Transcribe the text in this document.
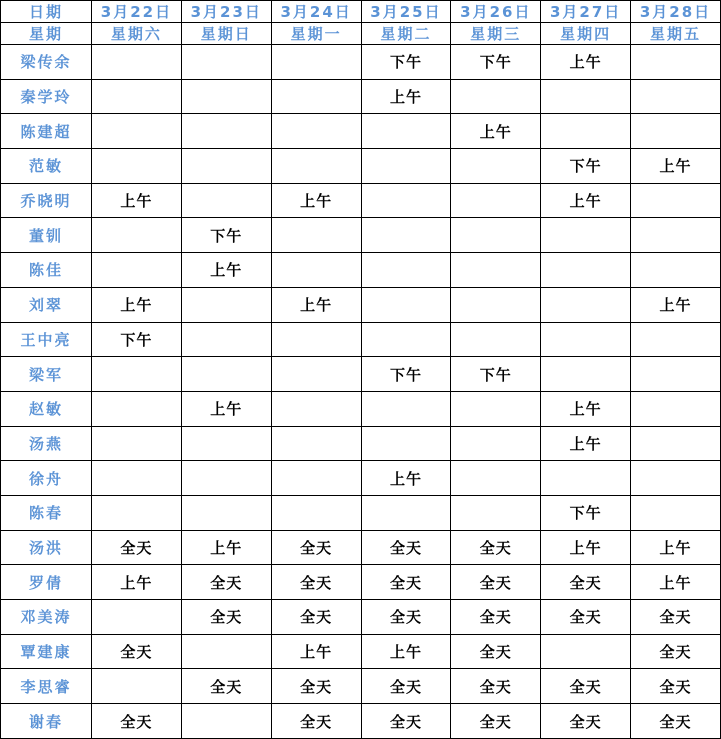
日期	3月22日	3月23日	3月24日	3月25日	3月26日	3月27日	3月28日
星期	星期六	星期日	星期一	星期二	星期三	星期四	星期五
梁传余				下午	下午	上午	
秦学玲				上午			
陈建超					上午		
范敏						下午	上午
乔晓明	上午		上午			上午	
董钏		下午					
陈佳		上午					
刘翠	上午		上午				上午
王中亮	下午						
梁军				下午	下午		
赵敏		上午				上午	
汤燕						上午	
徐舟				上午			
陈春						下午	
汤洪	全天	上午	全天	全天	全天	上午	上午
罗倩	上午	全天	全天	全天	全天	全天	上午
邓美涛		全天	全天	全天	全天	全天	全天
覃建康	全天		上午	上午	全天		全天
李思睿		全天	全天	全天	全天	全天	全天
谢春	全天		全天	全天	全天	全天	全天
